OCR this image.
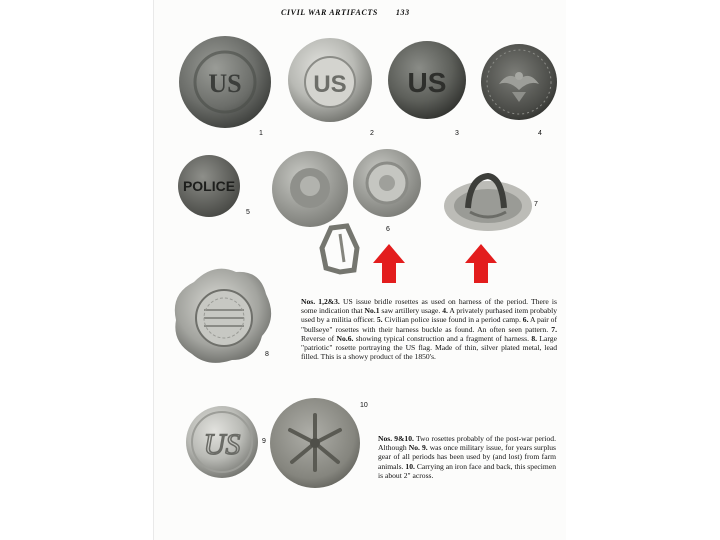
CIVIL WAR ARTIFACTS 133
US	US US
POLICE
US
1	2	3	4
5
6
7
8
9
10
Nos. 1,2&3. US issue bridle rosettes as used on harness of the period. There is some indication that No.1 saw artillery usage. 4. A privately purhased item probably used by a militia officer. 5. Civilian police issue found in a period camp. 6. A pair of "bullseye" rosettes with their harness buckle as found. An often seen pattern. 7. Reverse of No.6. showing typical construction and a fragment of harness. 8. Large "patriotic" rosette portraying the US flag. Made of thin, silver plated metal, lead filled. This is a showy product of the 1850's.
Nos. 9&10. Two rosettes probably of the post-war period. Although No. 9. was once military issue, for years surplus gear of all periods has been used by (and lost) from farm animals. 10. Carrying an iron face and back, this specimen is about 2" across.
